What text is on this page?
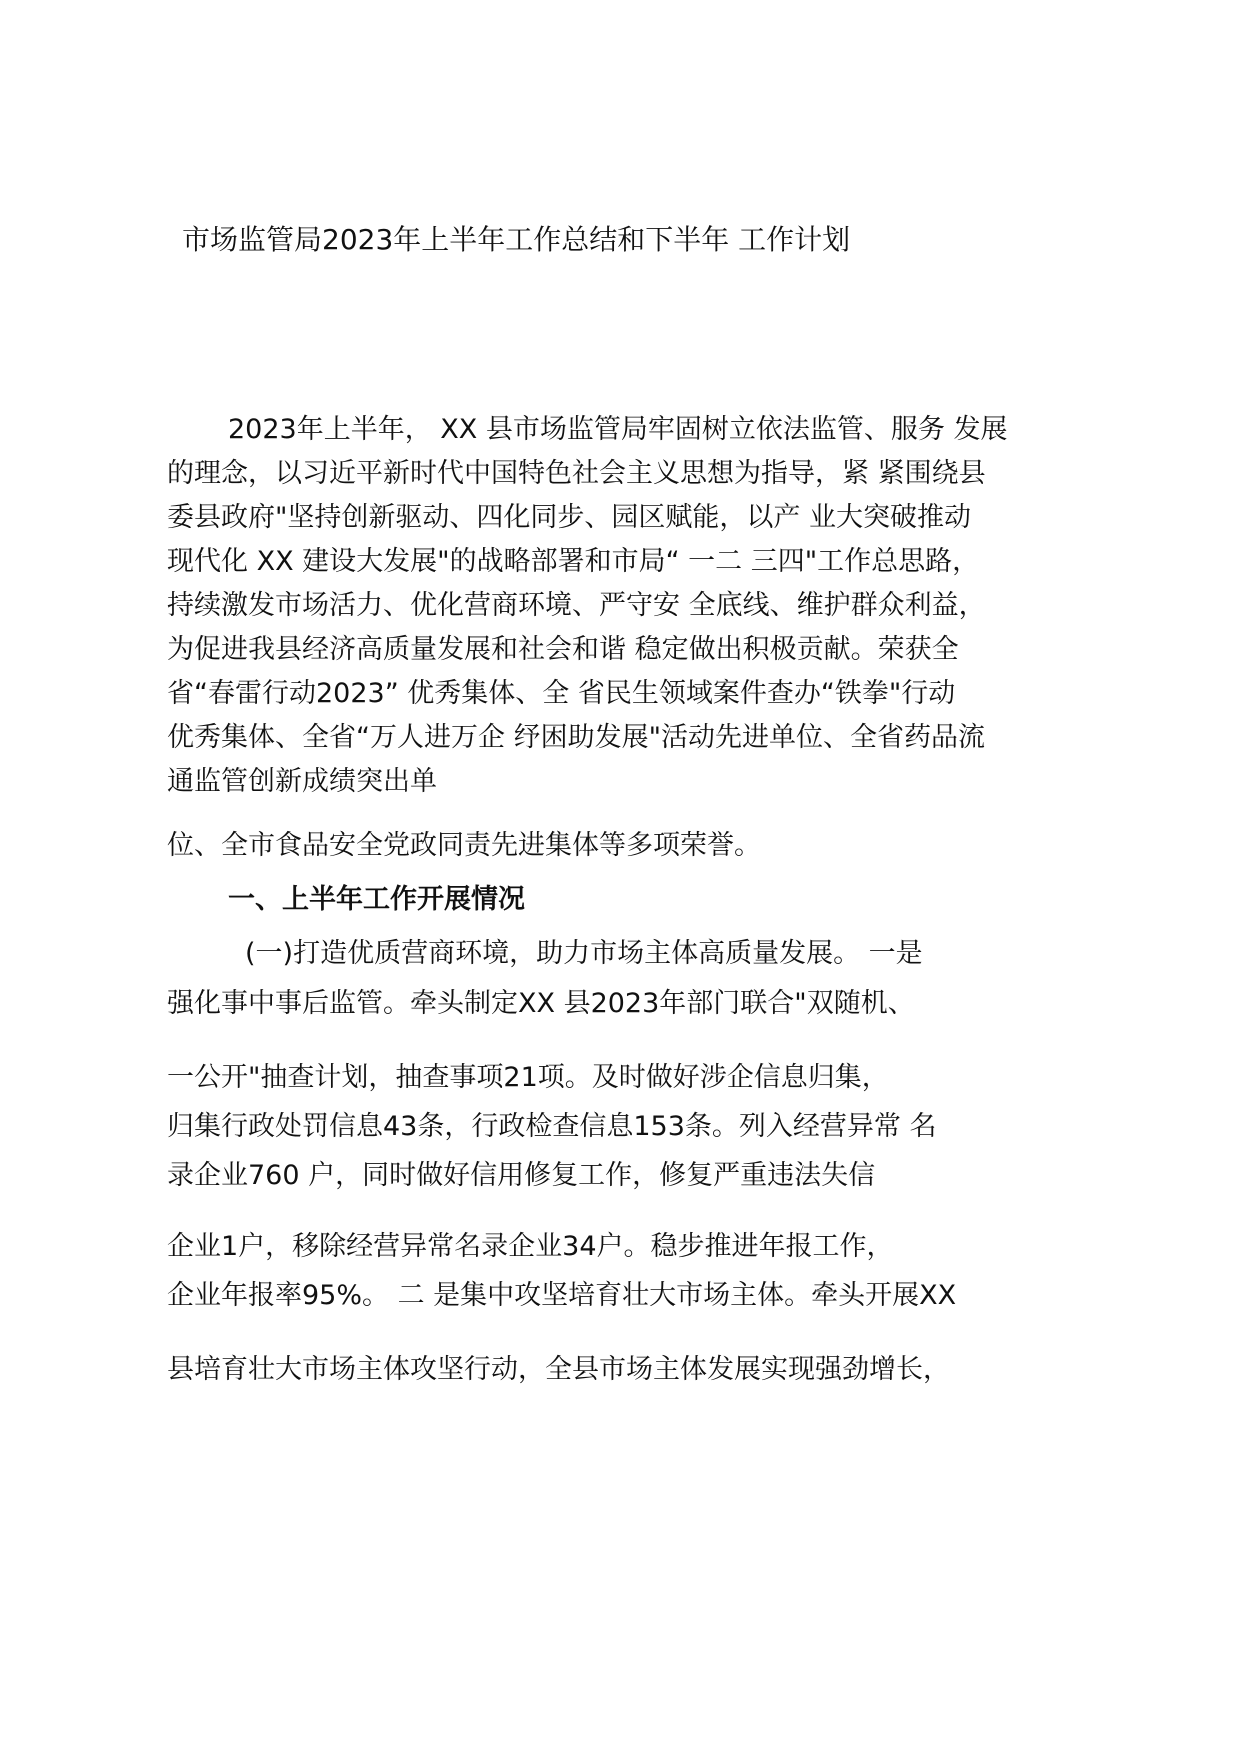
市场监管局2023年上半年工作总结和下半年 工作计划
2023年上半年， XX 县市场监管局牢固树立依法监管、服务 发展
的理念，以习近平新时代中国特色社会主义思想为指导，紧 紧围绕县
委县政府"坚持创新驱动、四化同步、园区赋能，以产 业大突破推动
现代化 XX 建设大发展"的战略部署和市局“ 一二 三四"工作总思路，
持续激发市场活力、优化营商环境、严守安 全底线、维护群众利益，
为促进我县经济高质量发展和社会和谐 稳定做出积极贡献。荣获全
省“春雷行动2023” 优秀集体、全 省民生领域案件查办“铁拳"行动
优秀集体、全省“万人进万企 纾困助发展"活动先进单位、全省药品流
通监管创新成绩突出单
位、全市食品安全党政同责先进集体等多项荣誉。
一、上半年工作开展情况
(一)打造优质营商环境，助力市场主体高质量发展。 一是
强化事中事后监管。牵头制定XX 县2023年部门联合"双随机、
一公开"抽查计划，抽查事项21项。及时做好涉企信息归集，
归集行政处罚信息43条，行政检查信息153条。列入经营异常 名
录企业760 户，同时做好信用修复工作，修复严重违法失信
企业1户，移除经营异常名录企业34户。稳步推进年报工作，
企业年报率95%。 二 是集中攻坚培育壮大市场主体。牵头开展XX
县培育壮大市场主体攻坚行动，全县市场主体发展实现强劲增长，
